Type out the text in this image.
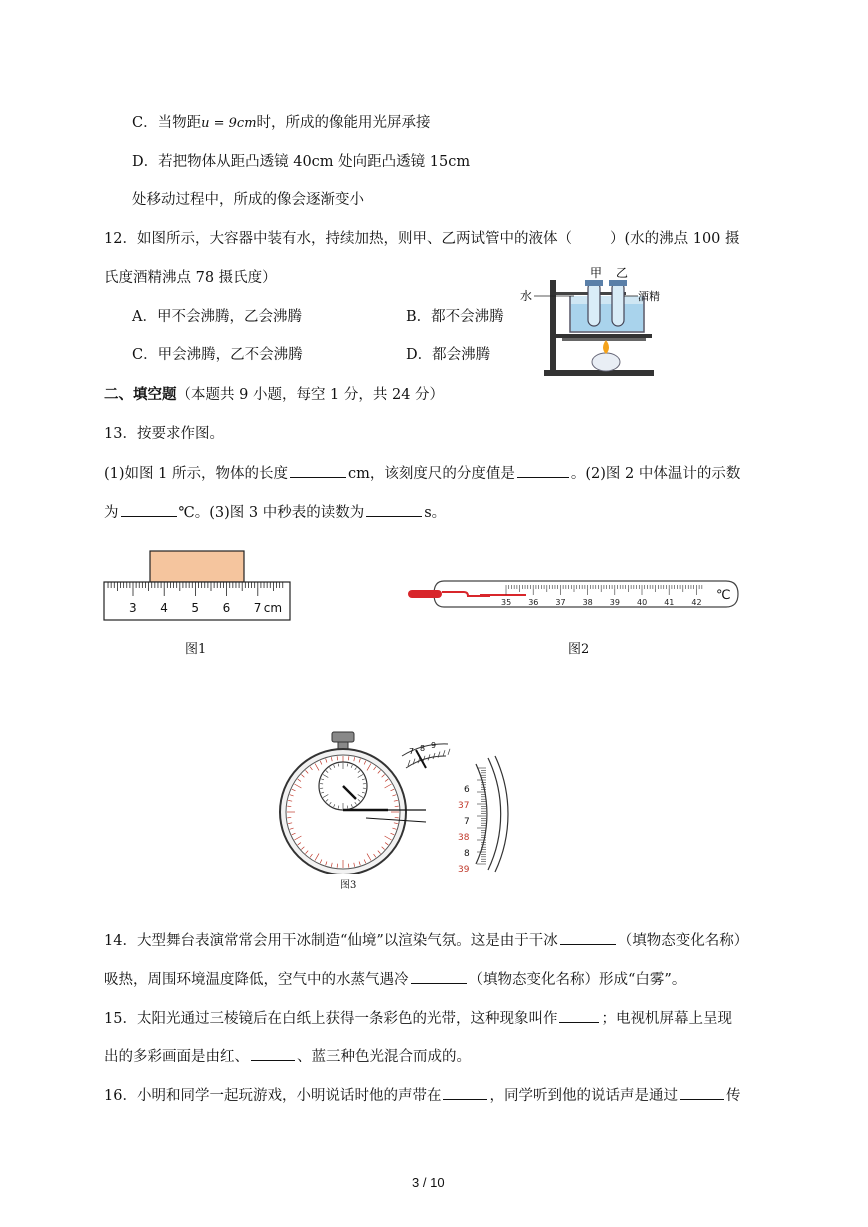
C．当物距u = 9cm时，所成的像能用光屏承接
D．若把物体从距凸透镜 40cm 处向距凸透镜 15cm
处移动过程中，所成的像会逐渐变小
12．如图所示，大容器中装有水，持续加热，则甲、乙两试管中的液体（	）(水的沸点 100 摄
氏度酒精沸点 78 摄氏度）
A．甲不会沸腾，乙会沸腾	B．都不会沸腾
C．甲会沸腾，乙不会沸腾	D．都会沸腾
甲 乙
水	酒精
二、填空题（本题共 9 小题，每空 1 分，共 24 分）
13．按要求作图。
(1)如图 1 所示，物体的长度	cm，该刻度尺的分度值是	。(2)图 2 中体温计的示数
为	℃。(3)图 3 中秒表的读数为	s。
3 4 5 6 7 cm
图1
35 36 37 38 39 40 41 42 ℃
图2
7 8 9
6
7
8
37
38
39
图3
14．大型舞台表演常常会用干冰制造“仙境”以渲染气氛。这是由于干冰	（填物态变化名称）
吸热，周围环境温度降低，空气中的水蒸气遇冷	（填物态变化名称）形成“白雾”。
15．太阳光通过三棱镜后在白纸上获得一条彩色的光带，这种现象叫作	；电视机屏幕上呈现
出的多彩画面是由红、	、蓝三种色光混合而成的。
16．小明和同学一起玩游戏，小明说话时他的声带在	，同学听到他的说话声是通过	传
3 / 10
